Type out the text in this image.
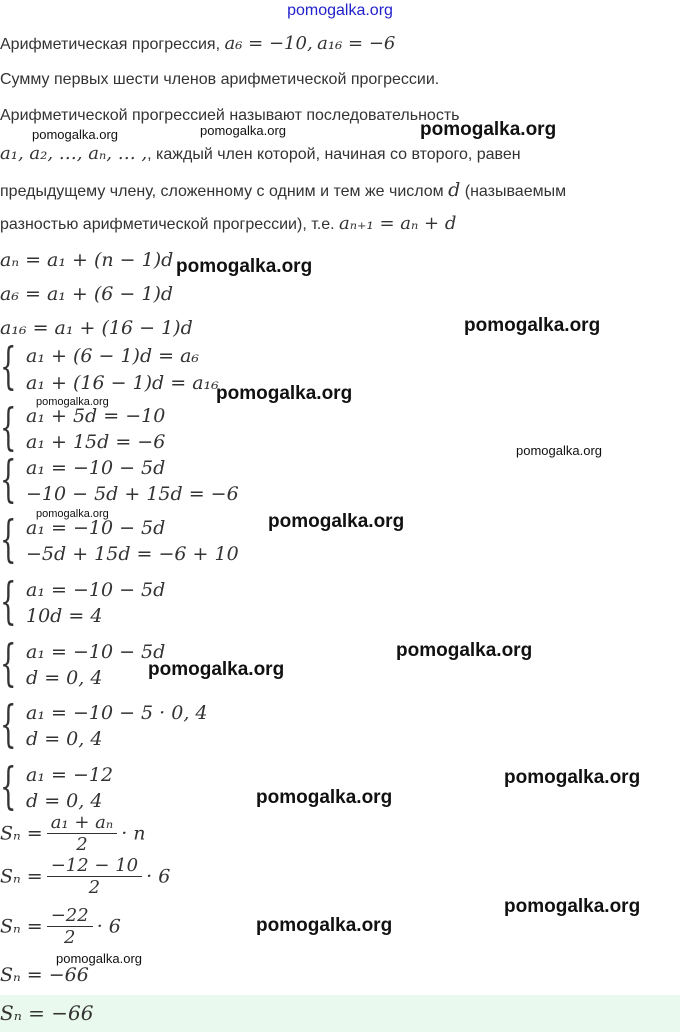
pomogalka.org
Арифметическая прогрессия, a₆ = −10, a₁₆ = −6
Сумму первых шести членов арифметической прогрессии.
Арифметической прогрессией называют последовательность
a₁, a₂, …, aₙ, … ,, каждый член которой, начиная со второго, равен
предыдущему члену, сложенному с одним и тем же числом d (называемым
разностью арифметической прогрессии), т.е. aₙ₊₁ = aₙ + d
aₙ = a₁ + (n − 1)d
a₆ = a₁ + (6 − 1)d
a₁₆ = a₁ + (16 − 1)d
{ a₁ + (6 − 1)d = a₆
a₁ + (16 − 1)d = a₁₆
{ a₁ + 5d = −10
a₁ + 15d = −6
{ a₁ = −10 − 5d
−10 − 5d + 15d = −6
{ a₁ = −10 − 5d
−5d + 15d = −6 + 10
{ a₁ = −10 − 5d
10d = 4
{ a₁ = −10 − 5d
d = 0, 4
{ a₁ = −10 − 5 · 0, 4
d = 0, 4
{ a₁ = −12
d = 0, 4
$S_n = \frac{\text{a₁ + aₙ}}{2} \cdot n$
$S_n = \frac{-12 - 10}{2} \cdot 6$
$S_n = \frac{-22}{2} \cdot 6$
Sₙ = −66
Sₙ = −66
pomogalka.org	pomogalka.org	pomogalka.org
pomogalka.org
pomogalka.org
pomogalka.org
pomogalka.org
pomogalka.org
pomogalka.org	pomogalka.org
pomogalka.org
pomogalka.org
pomogalka.org
pomogalka.org
pomogalka.org
pomogalka.org
pomogalka.org
